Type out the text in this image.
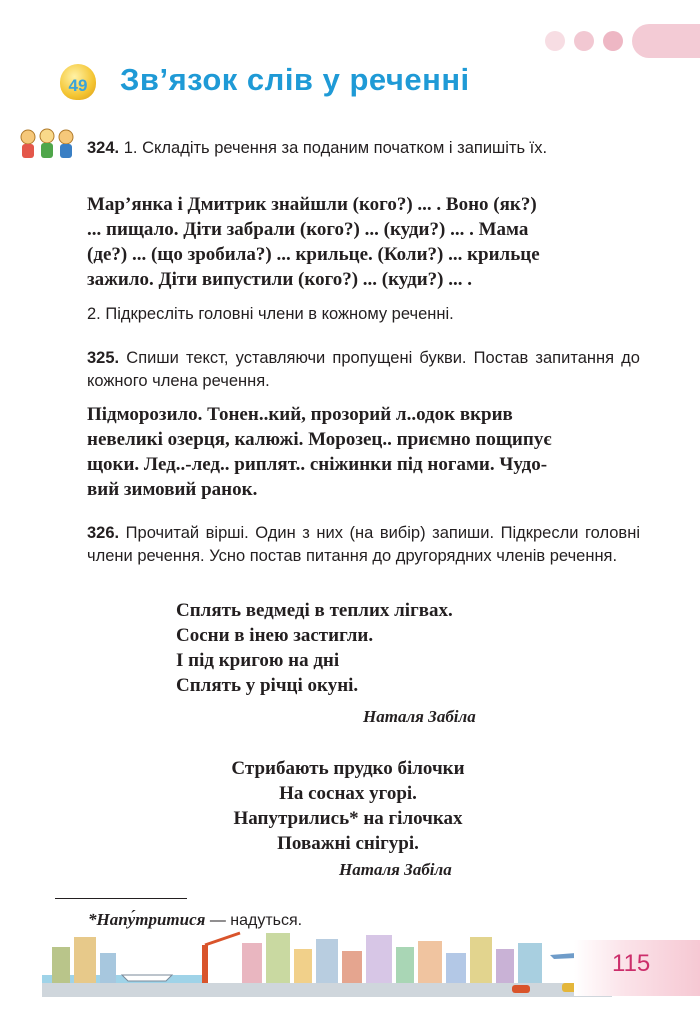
49	Зв’язок слів у реченні

324. 1. Складіть речення за поданим початком і запишіть їх.

Мар’янка і Дмитрик знайшли (кого?) ... . Воно (як?)
... пищало. Діти забрали (кого?) ... (куди?) ... . Мама
(де?) ... (що зробила?) ... крильце. (Коли?) ... крильце
зажило. Діти випустили (кого?) ... (куди?) ... .

2. Підкресліть головні члени в кожному реченні.

325. Спиши текст, уставляючи пропущені букви. Постав запитання до кожного члена речення.

Підморозило. Тонен..кий, прозорий л..одок вкрив
невеликі озерця, калюжі. Морозец.. приємно пощипує
щоки. Лед..-лед.. риплят.. сніжинки під ногами. Чудо-
вий зимовий ранок.

326. Прочитай вірші. Один з них (на вибір) запиши. Підкресли головні члени речення. Усно постав питання до другорядних членів речення.

Сплять ведмеді в теплих лігвах.
Сосни в інею застигли.
І під кригою на дні
Сплять у річці окуні.
Наталя Забіла
Стрибають прудко білочки
На соснах угорі.
Напутрились* на гілочках
Поважні снігурі.
Наталя Забіла

*Напу́тритися — надуться.

115
